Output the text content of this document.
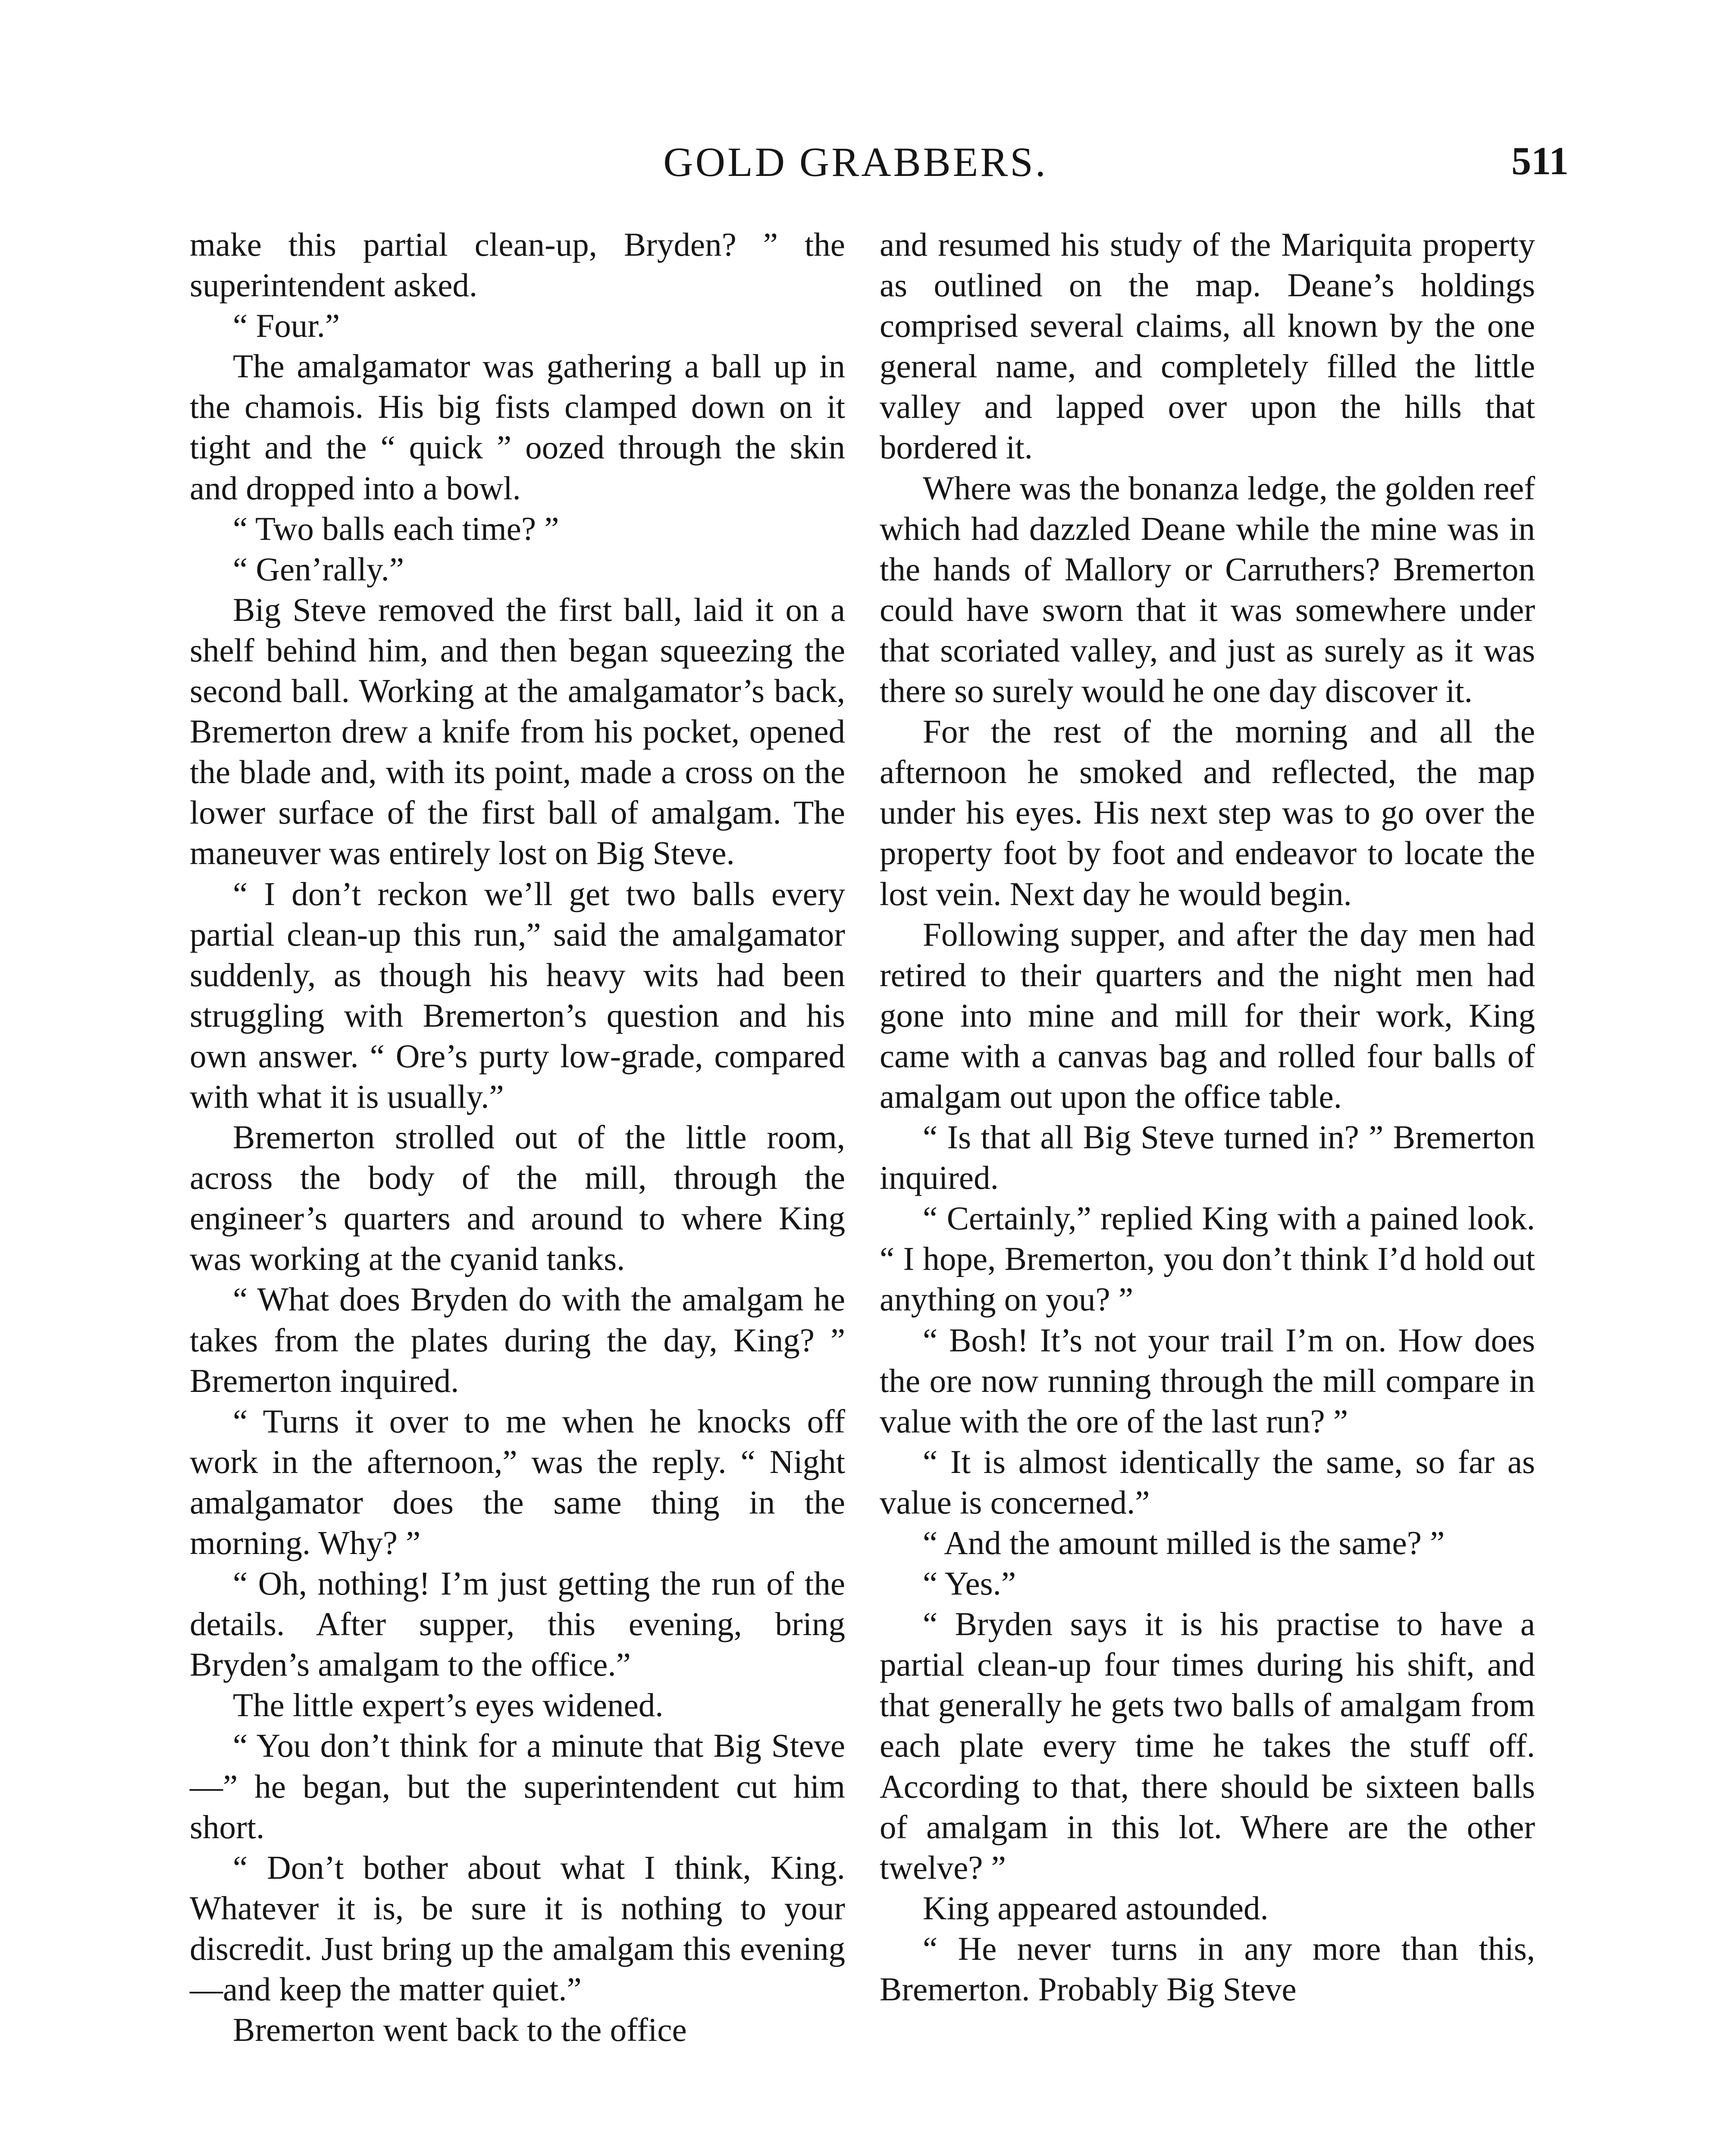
GOLD GRABBERS.	511

make this partial clean-up, Bryden? ” the superintendent asked.

“ Four.”

The amalgamator was gathering a ball up in the chamois. His big fists clamped down on it tight and the “ quick ” oozed through the skin and dropped into a bowl.

“ Two balls each time? ”

“ Gen’rally.”

Big Steve removed the first ball, laid it on a shelf behind him, and then began squeezing the second ball. Working at the amalgamator’s back, Bremerton drew a knife from his pocket, opened the blade and, with its point, made a cross on the lower surface of the first ball of amalgam. The maneuver was entirely lost on Big Steve.

“ I don’t reckon we’ll get two balls every partial clean-up this run,” said the amalgamator suddenly, as though his heavy wits had been struggling with Bremerton’s question and his own answer. “ Ore’s purty low-grade, compared with what it is usually.”

Bremerton strolled out of the little room, across the body of the mill, through the engineer’s quarters and around to where King was working at the cyanid tanks.

“ What does Bryden do with the amalgam he takes from the plates during the day, King? ” Bremerton inquired.

“ Turns it over to me when he knocks off work in the afternoon,” was the reply. “ Night amalgamator does the same thing in the morning. Why? ”

“ Oh, nothing! I’m just getting the run of the details. After supper, this evening, bring Bryden’s amalgam to the office.”

The little expert’s eyes widened.

“ You don’t think for a minute that Big Steve—” he began, but the superintendent cut him short.

“ Don’t bother about what I think, King. Whatever it is, be sure it is nothing to your discredit. Just bring up the amalgam this evening—and keep the matter quiet.”

Bremerton went back to the office

and resumed his study of the Mariquita property as outlined on the map. Deane’s holdings comprised several claims, all known by the one general name, and completely filled the little valley and lapped over upon the hills that bordered it.

Where was the bonanza ledge, the golden reef which had dazzled Deane while the mine was in the hands of Mallory or Carruthers? Bremerton could have sworn that it was somewhere under that scoriated valley, and just as surely as it was there so surely would he one day discover it.

For the rest of the morning and all the afternoon he smoked and reflected, the map under his eyes. His next step was to go over the property foot by foot and endeavor to locate the lost vein. Next day he would begin.

Following supper, and after the day men had retired to their quarters and the night men had gone into mine and mill for their work, King came with a canvas bag and rolled four balls of amalgam out upon the office table.

“ Is that all Big Steve turned in? ” Bremerton inquired.

“ Certainly,” replied King with a pained look. “ I hope, Bremerton, you don’t think I’d hold out anything on you? ”

“ Bosh! It’s not your trail I’m on. How does the ore now running through the mill compare in value with the ore of the last run? ”

“ It is almost identically the same, so far as value is concerned.”

“ And the amount milled is the same? ”

“ Yes.”

“ Bryden says it is his practise to have a partial clean-up four times during his shift, and that generally he gets two balls of amalgam from each plate every time he takes the stuff off. According to that, there should be sixteen balls of amalgam in this lot. Where are the other twelve? ”

King appeared astounded.

“ He never turns in any more than this, Bremerton. Probably Big Steve
